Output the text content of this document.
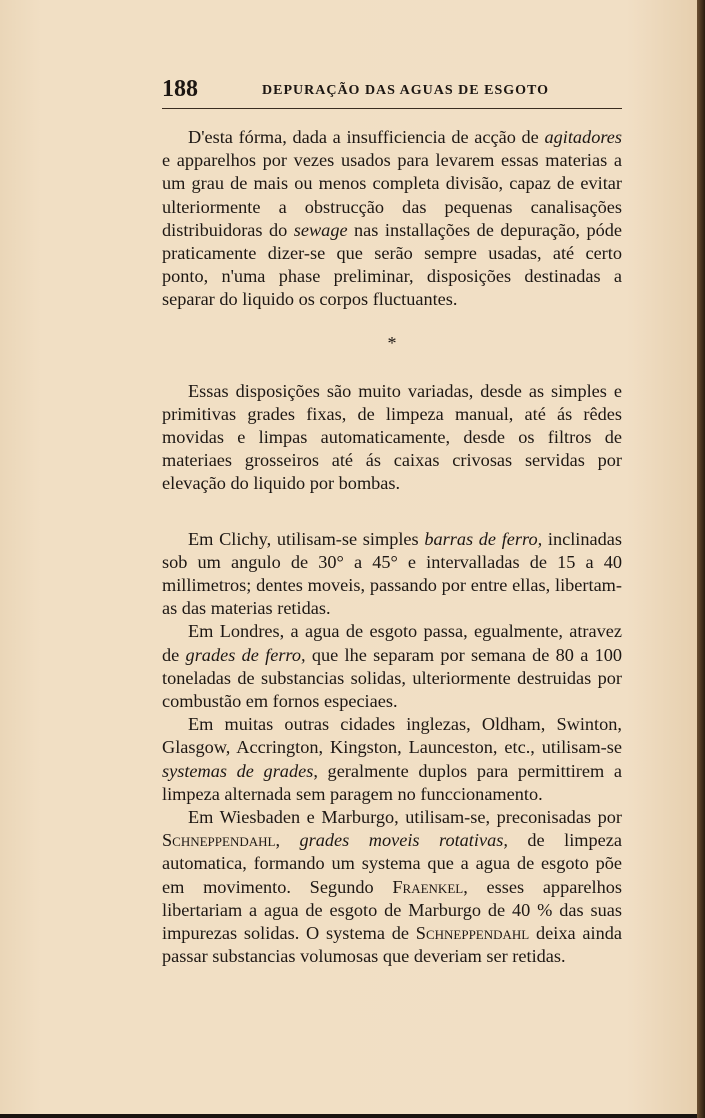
188	DEPURAÇÃO DAS AGUAS DE ESGOTO

D'esta fórma, dada a insufficiencia de acção de agitadores e apparelhos por vezes usados para levarem essas materias a um grau de mais ou menos completa divisão, capaz de evitar ulteriormente a obstrucção das pequenas canalisações distribuidoras do sewage nas installações de depuração, póde praticamente dizer-se que serão sempre usadas, até certo ponto, n'uma phase preliminar, disposições destinadas a separar do liquido os corpos fluctuantes.

*

Essas disposições são muito variadas, desde as simples e primitivas grades fixas, de limpeza manual, até ás rêdes movidas e limpas automaticamente, desde os filtros de materiaes grosseiros até ás caixas crivosas servidas por elevação do liquido por bombas.

Em Clichy, utilisam-se simples barras de ferro, inclinadas sob um angulo de 30° a 45° e intervalladas de 15 a 40 millimetros; dentes moveis, passando por entre ellas, libertam-as das materias retidas.

Em Londres, a agua de esgoto passa, egualmente, atravez de grades de ferro, que lhe separam por semana de 80 a 100 toneladas de substancias solidas, ulteriormente destruidas por combustão em fornos especiaes.

Em muitas outras cidades inglezas, Oldham, Swinton, Glasgow, Accrington, Kingston, Launceston, etc., utilisam-se systemas de grades, geralmente duplos para permittirem a limpeza alternada sem paragem no funccionamento.

Em Wiesbaden e Marburgo, utilisam-se, preconisadas por Schneppendahl, grades moveis rotativas, de limpeza automatica, formando um systema que a agua de esgoto põe em movimento. Segundo Fraenkel, esses apparelhos libertariam a agua de esgoto de Marburgo de 40 % das suas impurezas solidas. O systema de Schneppendahl deixa ainda passar substancias volumosas que deveriam ser retidas.
